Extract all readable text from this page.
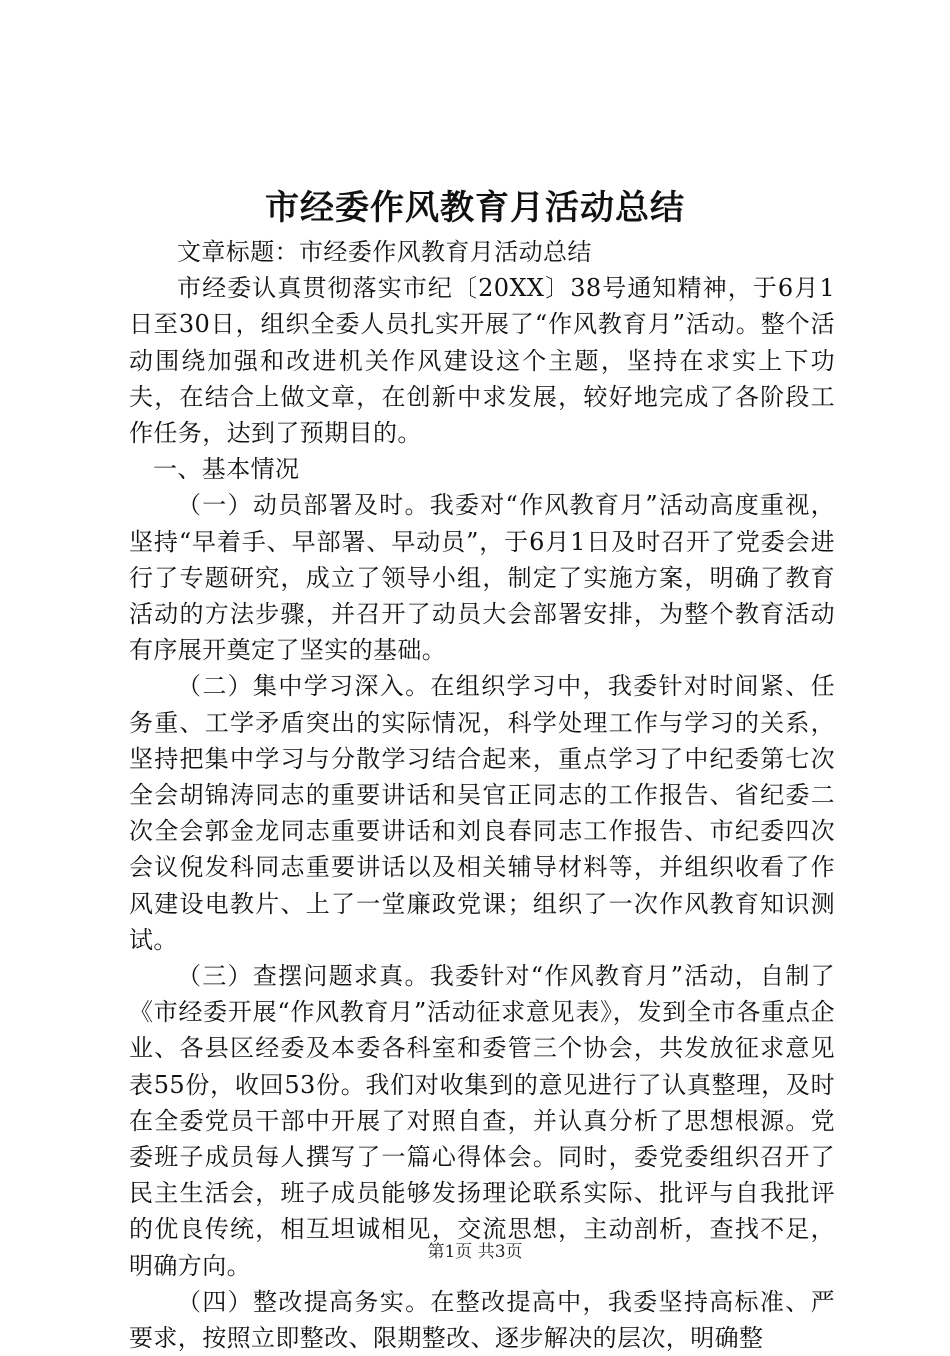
市经委作风教育月活动总结

文章标题：市经委作风教育月活动总结

市经委认真贯彻落实市纪〔20XX〕38号通知精神，于6月1日至30日，组织全委人员扎实开展了“作风教育月”活动。整个活动围绕加强和改进机关作风建设这个主题，坚持在求实上下功夫，在结合上做文章，在创新中求发展，较好地完成了各阶段工作任务，达到了预期目的。

一、基本情况

（一）动员部署及时。我委对“作风教育月”活动高度重视，坚持“早着手、早部署、早动员”，于6月1日及时召开了党委会进行了专题研究，成立了领导小组，制定了实施方案，明确了教育活动的方法步骤，并召开了动员大会部署安排，为整个教育活动有序展开奠定了坚实的基础。

（二）集中学习深入。在组织学习中，我委针对时间紧、任务重、工学矛盾突出的实际情况，科学处理工作与学习的关系，坚持把集中学习与分散学习结合起来，重点学习了中纪委第七次全会胡锦涛同志的重要讲话和吴官正同志的工作报告、省纪委二次全会郭金龙同志重要讲话和刘良春同志工作报告、市纪委四次会议倪发科同志重要讲话以及相关辅导材料等，并组织收看了作风建设电教片、上了一堂廉政党课；组织了一次作风教育知识测试。

（三）查摆问题求真。我委针对“作风教育月”活动，自制了《市经委开展“作风教育月”活动征求意见表》，发到全市各重点企业、各县区经委及本委各科室和委管三个协会，共发放征求意见表55份，收回53份。我们对收集到的意见进行了认真整理，及时在全委党员干部中开展了对照自查，并认真分析了思想根源。党委班子成员每人撰写了一篇心得体会。同时，委党委组织召开了民主生活会，班子成员能够发扬理论联系实际、批评与自我批评的优良传统，相互坦诚相见，交流思想，主动剖析，查找不足，明确方向。

（四）整改提高务实。在整改提高中，我委坚持高标准、严要求，按照立即整改、限期整改、逐步解决的层次，明确整

第1页 共3页
